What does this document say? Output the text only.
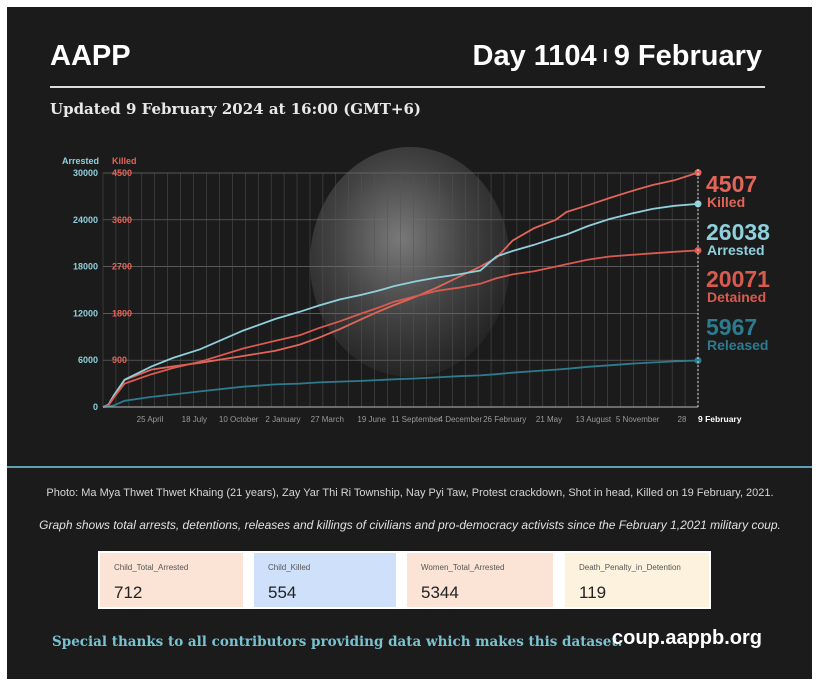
AAPP	Day 1104 I 9 February
Updated 9 February 2024 at 16:00 (GMT+6)
Arrested Killed
0
6000
12000
18000
24000
30000
900
1800
2700
3600
4500
25 April 18 July 10 October 2 January 27 March 19 June 11 September
4 December 26 February 21 May 13 August 5 November 28 9 February
4507
Killed
26038
Arrested
20071
Detained
5967
Released
Photo: Ma Mya Thwet Thwet Khaing (21 years), Zay Yar Thi Ri Township, Nay Pyi Taw, Protest crackdown, Shot in head, Killed on 19 February, 2021.
Graph shows total arrests, detentions, releases and killings of civilians and pro-democracy activists since the February 1,2021 military coup.
Child_Total_Arrested
712
Child_Killed
554
Women_Total_Arrested
5344
Death_Penalty_in_Detention
119
Special thanks to all contributors providing data which makes this dataset.
coup.aappb.org
